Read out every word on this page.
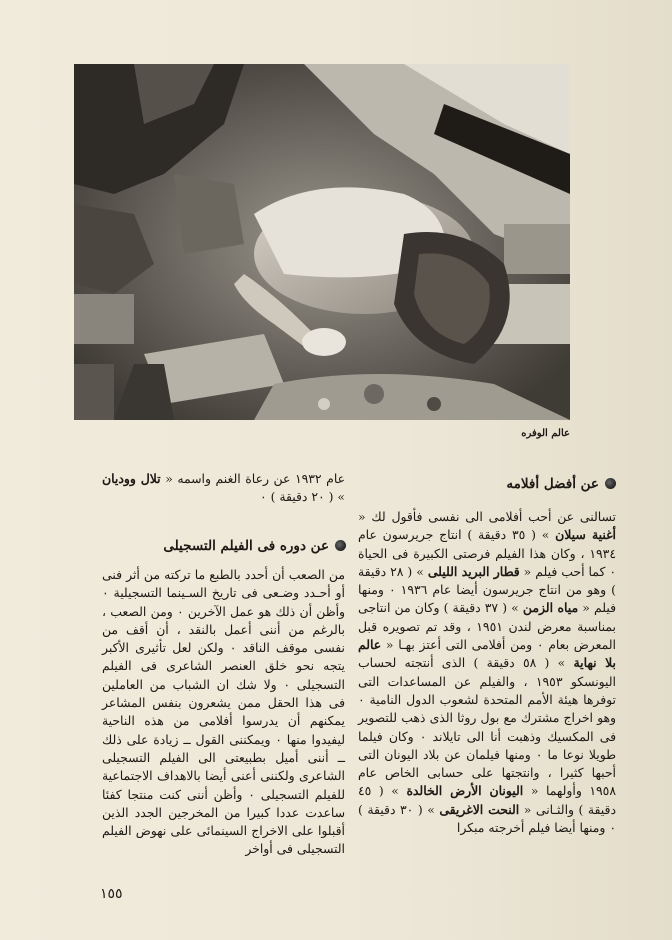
عالم الوفره
عام ١٩٣٢ عن رعاة الغنم واسمه « تلال ووديان » ( ٢٠ دقيقة ) ٠
عن أفضل أفلامه
عن دوره فى الفيلم التسجيلى

تسالنى عن أحب أفلامى الى نفسى فأقول لك « أغنية سيلان » ( ٣٥ دقيقة ) انتاج جريرسون عام ١٩٣٤ ، وكان هذا الفيلم فرصتى الكبيرة فى الحياة ٠ كما أحب فيلم « قطار البريد الليلى » ( ٢٨ دقيقة ) وهو من انتاج جريرسون أيضا عام ١٩٣٦ ٠ ومنها فيلم « مياه الزمن » ( ٣٧ دقيقة ) وكان من انتاجى بمناسبة معرض لندن ١٩٥١ ، وقد تم تصويره قبل المعرض بعام ٠ ومن أفلامى التى أعتز بهـا « عالم بلا نهاية » ( ٥٨ دقيقة ) الذى أنتجته لحساب اليونسكو ١٩٥٣ ، والفيلم عن المساعدات التى توفرها هيئة الأمم المتحدة لشعوب الدول النامية ٠ وهو اخراج مشترك مع بول روثا الذى ذهب للتصوير فى المكسيك وذهبت أنا الى تايلاند ٠ وكان فيلما طويلا نوعا ما ٠ ومنها فيلمان عن بلاد اليونان التى أحبها كثيرا ، وانتجتها على حسابى الخاص عام ١٩٥٨ وأولهما « اليونان الأرض الخالدة » ( ٤٥ دقيقة ) والثـانى « النحت الاغريقى » ( ٣٠ دقيقة ) ٠ ومنها أيضا فيلم أخرجته مبكرا

من الصعب أن أحدد بالطبع ما تركته من أثر فنى أو أحـدد وضـعى فى تاريخ السـينما التسجيلية ٠ وأظن أن ذلك هو عمل الآخرين ٠ ومن الصعب ، بالرغم من أننى أعمل بالنقد ، أن أقف من نفسى موقف الناقد ٠ ولكن لعل تأثيرى الأكبر يتجه نحو خلق العنصر الشاعرى فى الفيلم التسجيلى ٠ ولا شك ان الشباب من العاملين فى هذا الحقل ممن يشعرون بنفس المشاعر يمكنهم أن يدرسوا أفلامى من هذه الناحية ليفيدوا منها ٠ ويمكننى القول ــ زيادة على ذلك ــ أننى أميل بطبيعتى الى الفيلم التسجيلى الشاعرى ولكننى أعنى أيضا بالاهداف الاجتماعية للفيلم التسجيلى ٠ وأظن أننى كنت منتجا كفئا ساعدت عددا كبيرا من المخرجين الجدد الذين أقبلوا على الاخراج السينمائى على نهوض الفيلم التسجيلى فى أواخر

١٥٥
